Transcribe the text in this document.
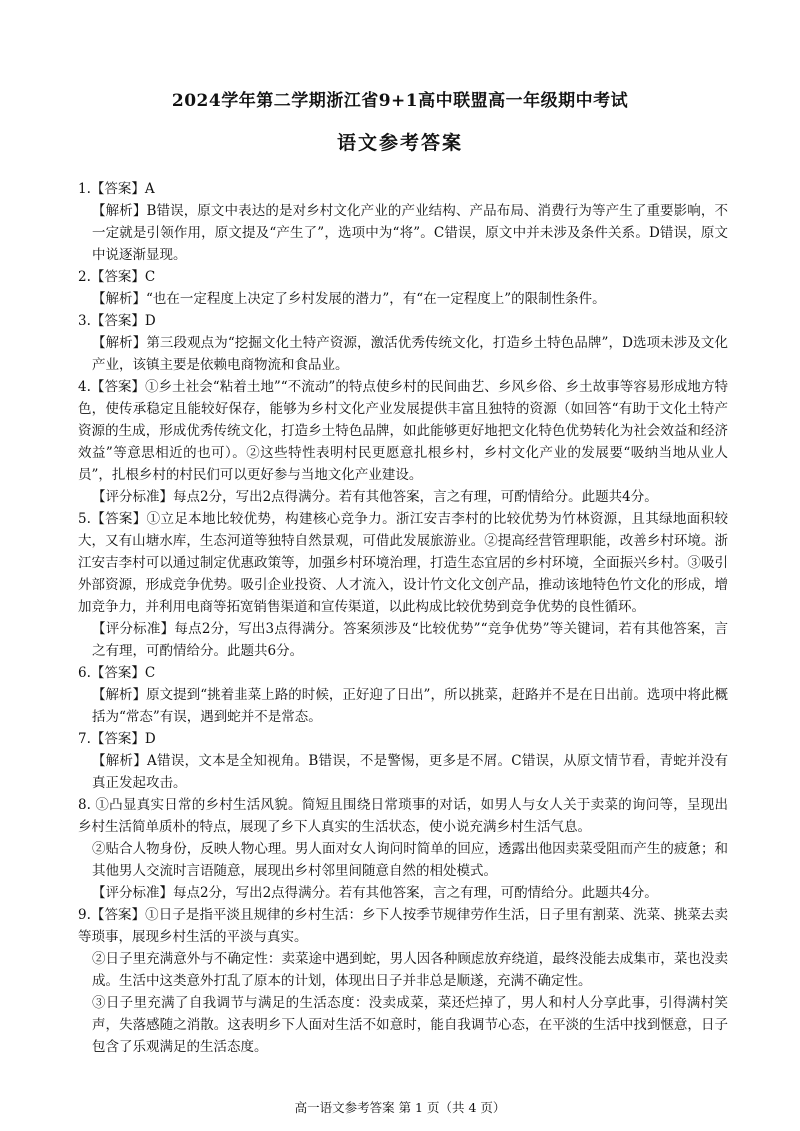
2024学年第二学期浙江省9+1高中联盟高一年级期中考试
语文参考答案
1.【答案】A
【解析】B错误，原文中表达的是对乡村文化产业的产业结构、产品布局、消费行为等产生了重要影响，不一定就是引领作用，原文提及“产生了”，选项中为“将”。C错误，原文中并未涉及条件关系。D错误，原文中说逐渐显现。
2.【答案】C
【解析】“也在一定程度上决定了乡村发展的潜力”，有“在一定程度上”的限制性条件。
3.【答案】D
【解析】第三段观点为“挖掘文化土特产资源，激活优秀传统文化，打造乡土特色品牌”，D选项未涉及文化产业，该镇主要是依赖电商物流和食品业。
4.【答案】①乡土社会“粘着土地”“不流动”的特点使乡村的民间曲艺、乡风乡俗、乡土故事等容易形成地方特色，使传承稳定且能较好保存，能够为乡村文化产业发展提供丰富且独特的资源（如回答“有助于文化土特产资源的生成，形成优秀传统文化，打造乡土特色品牌，如此能够更好地把文化特色优势转化为社会效益和经济效益”等意思相近的也可）。②这些特性表明村民更愿意扎根乡村，乡村文化产业的发展要“吸纳当地从业人员”，扎根乡村的村民们可以更好参与当地文化产业建设。
【评分标准】每点2分，写出2点得满分。若有其他答案，言之有理，可酌情给分。此题共4分。
5.【答案】①立足本地比较优势，构建核心竞争力。浙江安吉李村的比较优势为竹林资源，且其绿地面积较大，又有山塘水库，生态河道等独特自然景观，可借此发展旅游业。②提高经营管理职能，改善乡村环境。浙江安吉李村可以通过制定优惠政策等，加强乡村环境治理，打造生态宜居的乡村环境，全面振兴乡村。③吸引外部资源，形成竞争优势。吸引企业投资、人才流入，设计竹文化文创产品，推动该地特色竹文化的形成，增加竞争力，并利用电商等拓宽销售渠道和宣传渠道，以此构成比较优势到竞争优势的良性循环。
【评分标准】每点2分，写出3点得满分。答案须涉及“比较优势”“竞争优势”等关键词，若有其他答案，言之有理，可酌情给分。此题共6分。
6.【答案】C
【解析】原文提到“挑着韭菜上路的时候，正好迎了日出”，所以挑菜，赶路并不是在日出前。选项中将此概括为“常态”有误，遇到蛇并不是常态。
7.【答案】D
【解析】A错误，文本是全知视角。B错误，不是警惕，更多是不屑。C错误，从原文情节看，青蛇并没有真正发起攻击。
8. ①凸显真实日常的乡村生活风貌。简短且围绕日常琐事的对话，如男人与女人关于卖菜的询问等，呈现出乡村生活简单质朴的特点，展现了乡下人真实的生活状态，使小说充满乡村生活气息。
②贴合人物身份，反映人物心理。男人面对女人询问时简单的回应，透露出他因卖菜受阻而产生的疲惫；和其他男人交流时言语随意，展现出乡村邻里间随意自然的相处模式。
【评分标准】每点2分，写出2点得满分。若有其他答案，言之有理，可酌情给分。此题共4分。
9.【答案】①日子是指平淡且规律的乡村生活：乡下人按季节规律劳作生活，日子里有割菜、洗菜、挑菜去卖等琐事，展现乡村生活的平淡与真实。
②日子里充满意外与不确定性：卖菜途中遇到蛇，男人因各种顾虑放弃绕道，最终没能去成集市，菜也没卖成。生活中这类意外打乱了原本的计划，体现出日子并非总是顺遂，充满不确定性。
③日子里充满了自我调节与满足的生活态度：没卖成菜，菜还烂掉了，男人和村人分享此事，引得满村笑声，失落感随之消散。这表明乡下人面对生活不如意时，能自我调节心态，在平淡的生活中找到惬意，日子包含了乐观满足的生活态度。
高一语文参考答案 第 1 页（共 4 页）
